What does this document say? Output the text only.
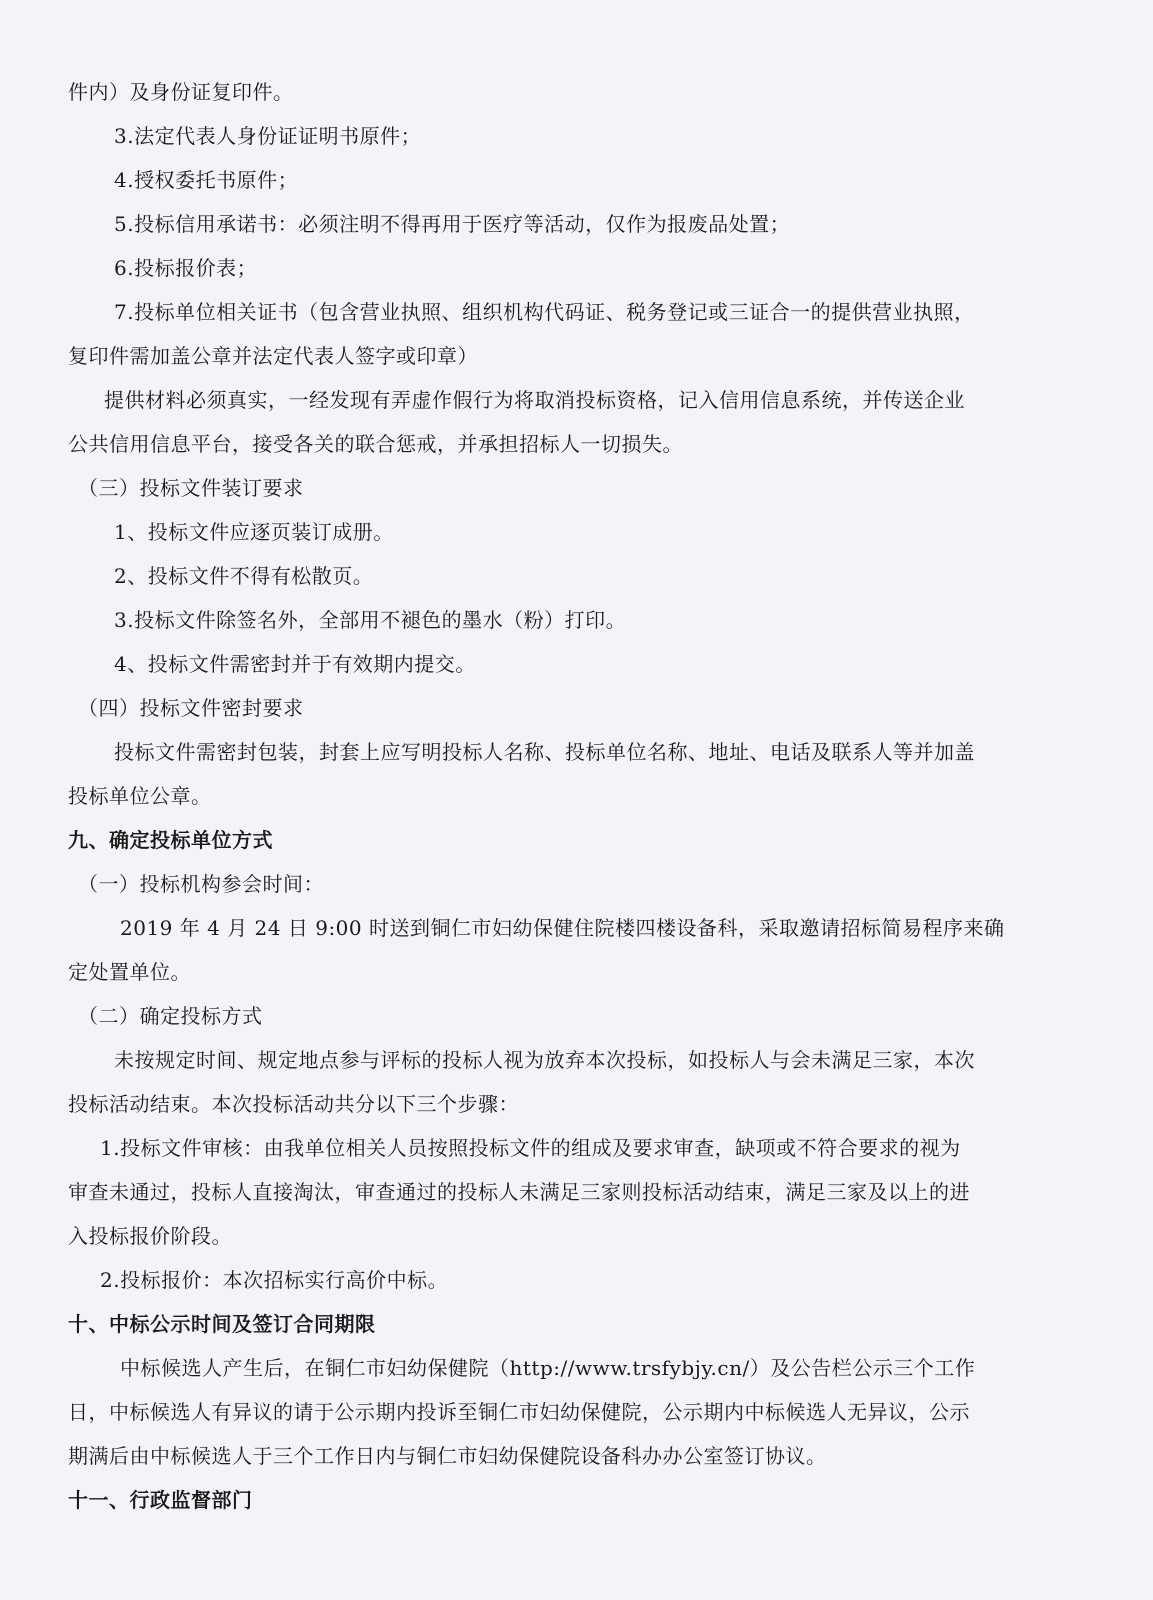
件内）及身份证复印件。
3.法定代表人身份证证明书原件；
4.授权委托书原件；
5.投标信用承诺书：必须注明不得再用于医疗等活动，仅作为报废品处置；
6.投标报价表；
7.投标单位相关证书（包含营业执照、组织机构代码证、税务登记或三证合一的提供营业执照，
复印件需加盖公章并法定代表人签字或印章）
提供材料必须真实，一经发现有弄虚作假行为将取消投标资格，记入信用信息系统，并传送企业
公共信用信息平台，接受各关的联合惩戒，并承担招标人一切损失。
（三）投标文件装订要求
1、投标文件应逐页装订成册。
2、投标文件不得有松散页。
3.投标文件除签名外，全部用不褪色的墨水（粉）打印。
4、投标文件需密封并于有效期内提交。
（四）投标文件密封要求
投标文件需密封包装，封套上应写明投标人名称、投标单位名称、地址、电话及联系人等并加盖
投标单位公章。
九、确定投标单位方式
（一）投标机构参会时间：
2019 年 4 月 24 日 9:00 时送到铜仁市妇幼保健住院楼四楼设备科，采取邀请招标简易程序来确
定处置单位。
（二）确定投标方式
未按规定时间、规定地点参与评标的投标人视为放弃本次投标，如投标人与会未满足三家，本次
投标活动结束。本次投标活动共分以下三个步骤：
1.投标文件审核：由我单位相关人员按照投标文件的组成及要求审查，缺项或不符合要求的视为
审查未通过，投标人直接淘汰，审查通过的投标人未满足三家则投标活动结束，满足三家及以上的进
入投标报价阶段。
2.投标报价：本次招标实行高价中标。
十、中标公示时间及签订合同期限
中标候选人产生后，在铜仁市妇幼保健院（http://www.trsfybjy.cn/）及公告栏公示三个工作
日，中标候选人有异议的请于公示期内投诉至铜仁市妇幼保健院，公示期内中标候选人无异议，公示
期满后由中标候选人于三个工作日内与铜仁市妇幼保健院设备科办办公室签订协议。
十一、行政监督部门
